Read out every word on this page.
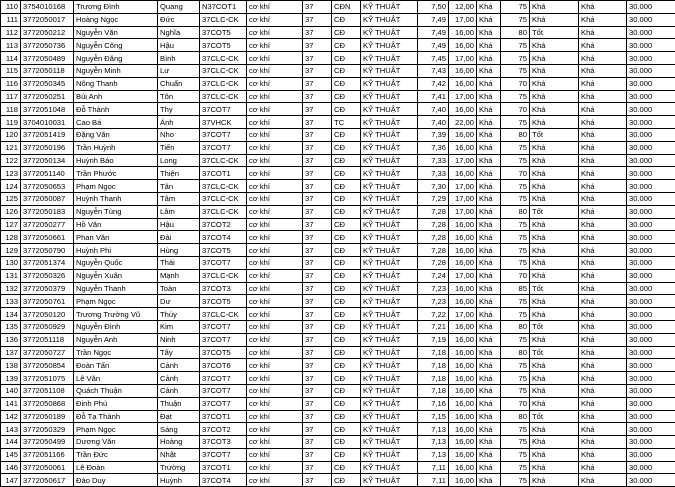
110	3754010168	Trương Đình	Quang	N37COT1	cơ khí	37	CĐN	KỸ THUẬT	7,50	12,00	Khá	75	Khá	Khá	30.000
111	3772050017	Hoàng Ngọc	Đức	37CLC-CK	cơ khí	37	CĐ	KỸ THUẬT	7,49	17,00	Khá	75	Khá	Khá	30.000
112	3772050212	Nguyễn Văn	Nghĩa	37COT5	cơ khí	37	CĐ	KỸ THUẬT	7,49	16,00	Khá	80	Tốt	Khá	30.000
113	3772050736	Nguyễn Công	Hậu	37COT5	cơ khí	37	CĐ	KỸ THUẬT	7,49	16,00	Khá	75	Khá	Khá	30.000
114	3772050489	Nguyễn Đăng	Bình	37CLC-CK	cơ khí	37	CĐ	KỸ THUẬT	7,45	17,00	Khá	75	Khá	Khá	30.000
115	3772050118	Nguyễn Minh	Lư	37CLC-CK	cơ khí	37	CĐ	KỸ THUẬT	7,43	16,00	Khá	75	Khá	Khá	30.000
116	3772050345	Nông Thanh	Chuẩn	37CLC-CK	cơ khí	37	CĐ	KỸ THUẬT	7,42	16,00	Khá	70	Khá	Khá	30.000
117	3772050251	Bùi Anh	Tôn	37CLC-CK	cơ khí	37	CĐ	KỸ THUẬT	7,41	17,00	Khá	75	Khá	Khá	30.000
118	3772051048	Đỗ Thành	Thy	37COT7	cơ khí	37	CĐ	KỸ THUẬT	7,40	16,00	Khá	70	Khá	Khá	30.000
119	3704010031	Cao Bá	Ánh	37VHCK	cơ khí	37	TC	KỸ THUẬT	7,40	22,00	Khá	75	Khá	Khá	30.000
120	3772051419	Đặng Văn	Nho	37COT7	cơ khí	37	CĐ	KỸ THUẬT	7,39	16,00	Khá	80	Tốt	Khá	30.000
121	3772050196	Trần Huỳnh	Tiến	37COT7	cơ khí	37	CĐ	KỸ THUẬT	7,36	16,00	Khá	75	Khá	Khá	30.000
122	3772050134	Huỳnh Bảo	Long	37CLC-CK	cơ khí	37	CĐ	KỸ THUẬT	7,33	17,00	Khá	75	Khá	Khá	30.000
123	3772051140	Trần Phước	Thiện	37COT1	cơ khí	37	CĐ	KỸ THUẬT	7,33	16,00	Khá	70	Khá	Khá	30.000
124	3772050653	Phạm Ngọc	Tân	37CLC-CK	cơ khí	37	CĐ	KỸ THUẬT	7,30	17,00	Khá	75	Khá	Khá	30.000
125	3772050087	Huỳnh Thanh	Tâm	37CLC-CK	cơ khí	37	CĐ	KỸ THUẬT	7,29	17,00	Khá	75	Khá	Khá	30.000
126	3772050183	Nguyễn Tùng	Lâm	37CLC-CK	cơ khí	37	CĐ	KỸ THUẬT	7,28	17,00	Khá	80	Tốt	Khá	30.000
127	3772050277	Hồ Văn	Hậu	37COT2	cơ khí	37	CĐ	KỸ THUẬT	7,28	16,00	Khá	75	Khá	Khá	30.000
128	3772050661	Phan Văn	Đài	37COT4	cơ khí	37	CĐ	KỸ THUẬT	7,28	16,00	Khá	75	Khá	Khá	30.000
129	3772050790	Huỳnh Phi	Hùng	37COT5	cơ khí	37	CĐ	KỸ THUẬT	7,28	16,00	Khá	75	Khá	Khá	30.000
130	3772051374	Nguyễn Quốc	Thái	37COT7	cơ khí	37	CĐ	KỸ THUẬT	7,28	16,00	Khá	75	Khá	Khá	30.000
131	3772050326	Nguyễn Xuân	Mạnh	37CLC-CK	cơ khí	37	CĐ	KỸ THUẬT	7,24	17,00	Khá	70	Khá	Khá	30.000
132	3772050379	Nguyễn Thanh	Toàn	37COT3	cơ khí	37	CĐ	KỸ THUẬT	7,23	16,00	Khá	85	Tốt	Khá	30.000
133	3772050761	Phạm Ngọc	Dư	37COT5	cơ khí	37	CĐ	KỸ THUẬT	7,23	16,00	Khá	75	Khá	Khá	30.000
134	3772050120	Trương Trường Vũ	Thủy	37CLC-CK	cơ khí	37	CĐ	KỸ THUẬT	7,22	17,00	Khá	75	Khá	Khá	30.000
135	3772050929	Nguyễn Đình	Kim	37COT7	cơ khí	37	CĐ	KỸ THUẬT	7,21	16,00	Khá	80	Tốt	Khá	30.000
136	3772051118	Nguyễn Anh	Ninh	37COT7	cơ khí	37	CĐ	KỸ THUẬT	7,19	16,00	Khá	75	Khá	Khá	30.000
137	3772050727	Trần Ngọc	Tây	37COT5	cơ khí	37	CĐ	KỸ THUẬT	7,18	16,00	Khá	80	Tốt	Khá	30.000
138	3772050854	Đoàn Tấn	Cảnh	37COT6	cơ khí	37	CĐ	KỸ THUẬT	7,18	16,00	Khá	75	Khá	Khá	30.000
139	3772051075	Lê Văn	Cảnh	37COT7	cơ khí	37	CĐ	KỸ THUẬT	7,18	16,00	Khá	75	Khá	Khá	30.000
140	3772051108	Quách Thuận	Cảnh	37COT7	cơ khí	37	CĐ	KỸ THUẬT	7,18	16,00	Khá	75	Khá	Khá	30.000
141	3772050868	Đinh Phú	Thuận	37COT7	cơ khí	37	CĐ	KỸ THUẬT	7,16	16,00	Khá	70	Khá	Khá	30.000
142	3772050189	Đỗ Tạ Thành	Đạt	37COT1	cơ khí	37	CĐ	KỸ THUẬT	7,15	16,00	Khá	80	Tốt	Khá	30.000
143	3772050329	Phạm Ngọc	Sáng	37COT2	cơ khí	37	CĐ	KỸ THUẬT	7,13	16,00	Khá	75	Khá	Khá	30.000
144	3772050499	Dương Văn	Hoàng	37COT3	cơ khí	37	CĐ	KỸ THUẬT	7,13	16,00	Khá	75	Khá	Khá	30.000
145	3772051166	Trần Đức	Nhật	37COT7	cơ khí	37	CĐ	KỸ THUẬT	7,13	16,00	Khá	75	Khá	Khá	30.000
146	3772050061	Lê Đoàn	Trường	37COT1	cơ khí	37	CĐ	KỸ THUẬT	7,11	16,00	Khá	75	Khá	Khá	30.000
147	3772050617	Đào Duy	Huỳnh	37COT4	cơ khí	37	CĐ	KỸ THUẬT	7,11	16,00	Khá	75	Khá	Khá	30.000
